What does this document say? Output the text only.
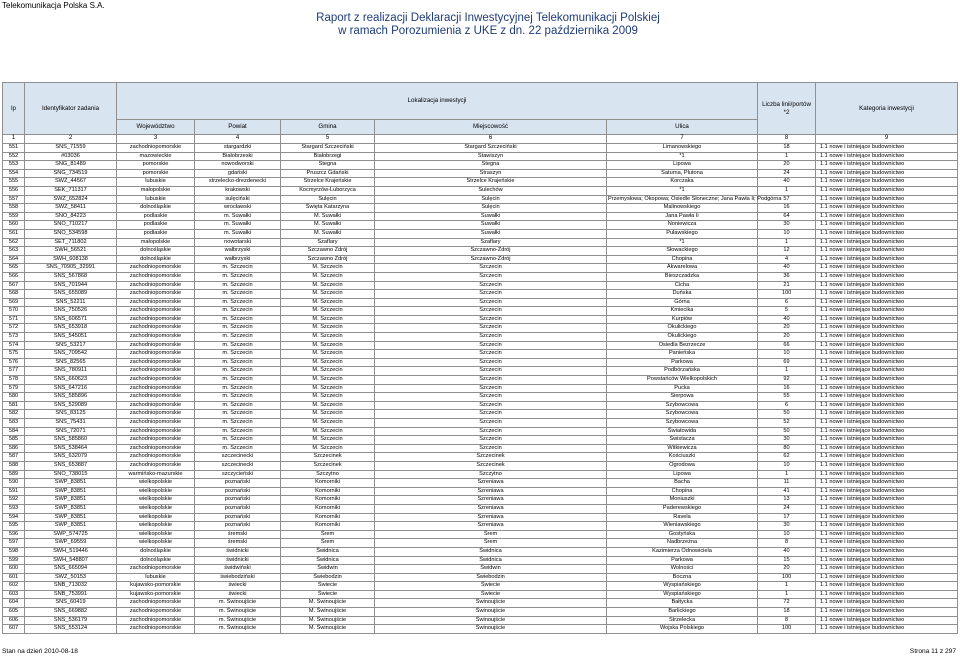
Telekomunikacja Polska S.A.
Raport z realizacji Deklaracji Inwestycyjnej Telekomunikacji Polskiej
w ramach Porozumienia z UKE z dn. 22 października 2009
lp	Identyfikator zadania	Lokalizacja inwestycji					Liczba linii/portów *2	Kategoria inwestycji
		Województwo	Powiat	Gmina	Miejscowość	Ulica		
1	2	3	4	5	6	7	8	9
551	SNS_71559	zachodniopomorskie	stargardzki	Stargard Szczeciński	Stargard Szczeciński	Limanowskiego	18	1.1 nowe i istniejące budownictwo
552	#03036	mazowieckie	Białobrzeski	Białobrzegi	Stawiszyn	*1	1	1.1 nowe i istniejące budownictwo
553	SNG_81489	pomorskie	nowodworski	Stegna	Stegna	Lipowa	20	1.1 nowe i istniejące budownictwo
554	SNG_734519	pomorskie	gdański	Pruszcz Gdański	Straszyn	Saturna, Plutona	24	1.1 nowe i istniejące budownictwo
555	SWZ_44567	lubuskie	strzelecko-drezdenecki	Strzelce Krajeńskie	Strzelce Krajeńskie	Korczaka	40	1.1 nowe i istniejące budownictwo
556	SEK_711317	małopolskie	krakowski	Kocmyrzów-Luborzyca	Sulechów	*1	1	1.1 nowe i istniejące budownictwo
557	SWZ_652824	lubuskie	sulęciński	Sulęcin	Sulęcin	Przemysłowa; Okopowa; Osiedle Słoneczne; Jana Pawła Ii; Podgórna	57	1.1 nowe i istniejące budownictwo
558	SWZ_58411	dolnośląskie	wrocławski	Święta Katarzyna	Sulęcin	Malinowskiego	16	1.1 nowe i istniejące budownictwo
559	SNO_84223	podlaskie	m. Suwałki	M. Suwałki	Suwałki	Jana Pawła Ii	64	1.1 nowe i istniejące budownictwo
560	SNO_710217	podlaskie	m. Suwałki	M. Suwałki	Suwałki	Noniewicza	30	1.1 nowe i istniejące budownictwo
561	SNO_534598	podlaskie	m. Suwałki	M. Suwałki	Suwałki	Puławskiego	10	1.1 nowe i istniejące budownictwo
562	SET_711802	małopolskie	nowotarski	Szaflary	Szaflary	*1	1	1.1 nowe i istniejące budownictwo
563	SWH_56521	dolnośląskie	wałbrzyski	Szczawno Zdrój	Szczawno-Zdrój	Słowackiego	12	1.1 nowe i istniejące budownictwo
564	SWH_608138	dolnośląskie	wałbrzyski	Szczawno Zdrój	Szczawno-Zdrój	Chopina	4	1.1 nowe i istniejące budownictwo
565	SNS_70905_32991	zachodniopomorskie	m. Szczecin	M. Szczecin	Szczecin	Akwarelowa	40	1.1 nowe i istniejące budownictwo
566	SNS_567868	zachodniopomorskie	m. Szczecin	M. Szczecin	Szczecin	Bieszczadzka	36	1.1 nowe i istniejące budownictwo
567	SNS_701944	zachodniopomorskie	m. Szczecin	M. Szczecin	Szczecin	Cicha	21	1.1 nowe i istniejące budownictwo
568	SNS_655089	zachodniopomorskie	m. Szczecin	M. Szczecin	Szczecin	Duńska	100	1.1 nowe i istniejące budownictwo
569	SNS_52211	zachodniopomorskie	m. Szczecin	M. Szczecin	Szczecin	Górna	6	1.1 nowe i istniejące budownictwo
570	SNS_750526	zachodniopomorskie	m. Szczecin	M. Szczecin	Szczecin	Kmiecika	5	1.1 nowe i istniejące budownictwo
571	SNS_606571	zachodniopomorskie	m. Szczecin	M. Szczecin	Szczecin	Kurpiów	40	1.1 nowe i istniejące budownictwo
572	SNS_653918	zachodniopomorskie	m. Szczecin	M. Szczecin	Szczecin	Okulickiego	20	1.1 nowe i istniejące budownictwo
573	SNS_545051	zachodniopomorskie	m. Szczecin	M. Szczecin	Szczecin	Okulickiego	20	1.1 nowe i istniejące budownictwo
574	SNS_53217	zachodniopomorskie	m. Szczecin	M. Szczecin	Szczecin	Osiedla Bezrzecze	66	1.1 nowe i istniejące budownictwo
575	SNS_709542	zachodniopomorskie	m. Szczecin	M. Szczecin	Szczecin	Panieńska	10	1.1 nowe i istniejące budownictwo
576	SNS_82565	zachodniopomorskie	m. Szczecin	M. Szczecin	Szczecin	Parkowa	69	1.1 nowe i istniejące budownictwo
577	SNS_780911	zachodniopomorskie	m. Szczecin	M. Szczecin	Szczecin	Podbórzańska	1	1.1 nowe i istniejące budownictwo
578	SNS_660623	zachodniopomorskie	m. Szczecin	M. Szczecin	Szczecin	Powstańców Wielkopolskich	92	1.1 nowe i istniejące budownictwo
579	SNS_647216	zachodniopomorskie	m. Szczecin	M. Szczecin	Szczecin	Pucka	16	1.1 nowe i istniejące budownictwo
580	SNS_585896	zachodniopomorskie	m. Szczecin	M. Szczecin	Szczecin	Sierpowa	55	1.1 nowe i istniejące budownictwo
581	SNS_529089	zachodniopomorskie	m. Szczecin	M. Szczecin	Szczecin	Szybowcowa	6	1.1 nowe i istniejące budownictwo
582	SNS_83125	zachodniopomorskie	m. Szczecin	M. Szczecin	Szczecin	Szybowcowa	50	1.1 nowe i istniejące budownictwo
583	SNS_75431	zachodniopomorskie	m. Szczecin	M. Szczecin	Szczecin	Szybowcowa	52	1.1 nowe i istniejące budownictwo
584	SNS_72071	zachodniopomorskie	m. Szczecin	M. Szczecin	Szczecin	Światowida	50	1.1 nowe i istniejące budownictwo
585	SNS_585860	zachodniopomorskie	m. Szczecin	M. Szczecin	Szczecin	Świstacza	30	1.1 nowe i istniejące budownictwo
586	SNS_538464	zachodniopomorskie	m. Szczecin	M. Szczecin	Szczecin	Witkiewicza	80	1.1 nowe i istniejące budownictwo
587	SNS_632079	zachodniopomorskie	szczecinecki	Szczecinek	Szczecinek	Kościuszki	62	1.1 nowe i istniejące budownictwo
588	SNS_653887	zachodniopomorskie	szczecinecki	Szczecinek	Szczecinek	Ogrodowa	10	1.1 nowe i istniejące budownictwo
589	SNO_738015	warmińsko-mazurskie	szczycieński	Szczytno	Szczytno	Lipowa	1	1.1 nowe i istniejące budownictwo
590	SWP_83851	wielkopolskie	poznański	Komorniki	Szreniawa	Bacha	11	1.1 nowe i istniejące budownictwo
591	SWP_83851	wielkopolskie	poznański	Komorniki	Szreniawa	Chopina	41	1.1 nowe i istniejące budownictwo
592	SWP_83851	wielkopolskie	poznański	Komorniki	Szreniawa	Moniuszki	13	1.1 nowe i istniejące budownictwo
593	SWP_83851	wielkopolskie	poznański	Komorniki	Szreniawa	Paderewskiego	24	1.1 nowe i istniejące budownictwo
594	SWP_83851	wielkopolskie	poznański	Komorniki	Szreniawa	Ravela	17	1.1 nowe i istniejące budownictwo
595	SWP_83851	wielkopolskie	poznański	Komorniki	Szreniawa	Wieniawskiego	30	1.1 nowe i istniejące budownictwo
596	SWP_574725	wielkopolskie	śremski	Śrem	Śrem	Gostyńska	10	1.1 nowe i istniejące budownictwo
597	SWP_69559	wielkopolskie	śremski	Śrem	Śrem	Nadbrzeżna	8	1.1 nowe i istniejące budownictwo
598	SWH_519446	dolnośląskie	świdnicki	Świdnica	Świdnica	Kazimierza Odnowiciela	40	1.1 nowe i istniejące budownictwo
599	SWH_548807	dolnośląskie	świdnicki	Świdnica	Świdnica	Parkowa	15	1.1 nowe i istniejące budownictwo
600	SNS_665094	zachodniopomorskie	świdwiński	Świdwin	Świdwin	Wolności	20	1.1 nowe i istniejące budownictwo
601	SWZ_50153	lubuskie	świebodziński	Świebodzin	Świebodzin	Boczna	100	1.1 nowe i istniejące budownictwo
602	SNB_713032	kujawsko-pomorskie	świecki	Świecie	Świecie	Wyspiańskiego	1	1.1 nowe i istniejące budownictwo
603	SNB_753991	kujawsko-pomorskie	świecki	Świecie	Świecie	Wyspiańskiego	1	1.1 nowe i istniejące budownictwo
604	SNS_60419	zachodniopomorskie	m. Świnoujście	M. Świnoujście	Świnoujście	Bałtycka	72	1.1 nowe i istniejące budownictwo
605	SNS_669882	zachodniopomorskie	m. Świnoujście	M. Świnoujście	Świnoujście	Barlickiego	18	1.1 nowe i istniejące budownictwo
606	SNS_536179	zachodniopomorskie	m. Świnoujście	M. Świnoujście	Świnoujście	Strzelecka	8	1.1 nowe i istniejące budownictwo
607	SNS_553124	zachodniopomorskie	m. Świnoujście	M. Świnoujście	Świnoujście	Wojska Polskiego	100	1.1 nowe i istniejące budownictwo
Stan na dzień 2010-08-18	Strona 11 z 297
